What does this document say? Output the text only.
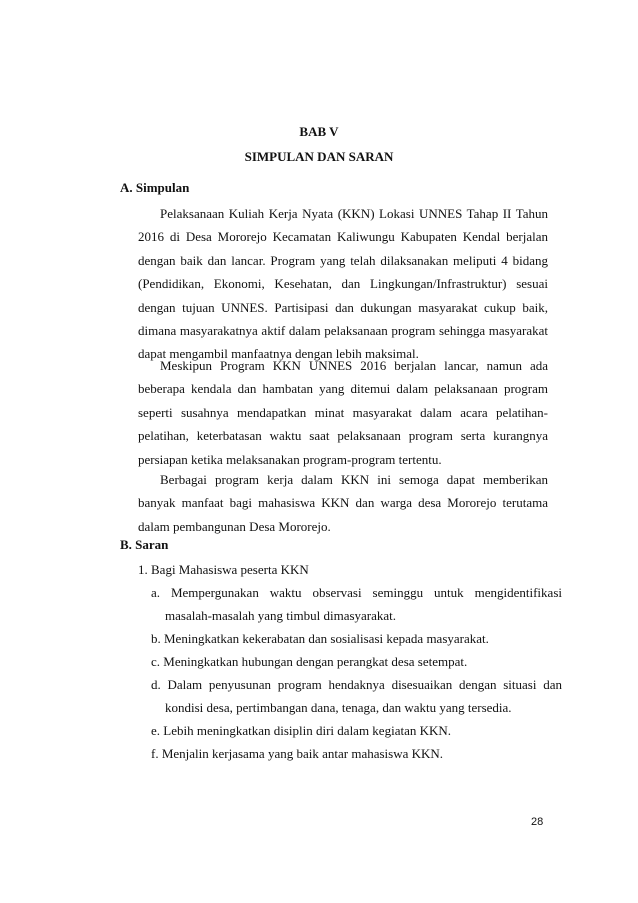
BAB V
SIMPULAN DAN SARAN
A. Simpulan

Pelaksanaan Kuliah Kerja Nyata (KKN) Lokasi UNNES Tahap II Tahun 2016 di Desa Mororejo Kecamatan Kaliwungu Kabupaten Kendal berjalan dengan baik dan lancar. Program yang telah dilaksanakan meliputi 4 bidang (Pendidikan, Ekonomi, Kesehatan, dan Lingkungan/Infrastruktur) sesuai dengan tujuan UNNES. Partisipasi dan dukungan masyarakat cukup baik, dimana masyarakatnya aktif dalam pelaksanaan program sehingga masyarakat dapat mengambil manfaatnya dengan lebih maksimal.

Meskipun Program KKN UNNES 2016 berjalan lancar, namun ada beberapa kendala dan hambatan yang ditemui dalam pelaksanaan program seperti susahnya mendapatkan minat masyarakat dalam acara pelatihan-pelatihan, keterbatasan waktu saat pelaksanaan program serta kurangnya persiapan ketika melaksanakan program-program tertentu.

Berbagai program kerja dalam KKN ini semoga dapat memberikan banyak manfaat bagi mahasiswa KKN dan warga desa Mororejo terutama dalam pembangunan Desa Mororejo.

B. Saran

1. Bagi Mahasiswa peserta KKN

a. Mempergunakan waktu observasi seminggu untuk mengidentifikasi masalah-masalah yang timbul dimasyarakat.

b. Meningkatkan kekerabatan dan sosialisasi kepada masyarakat.

c. Meningkatkan hubungan dengan perangkat desa setempat.

d. Dalam penyusunan program hendaknya disesuaikan dengan situasi dan kondisi desa, pertimbangan dana, tenaga, dan waktu yang tersedia.

e. Lebih meningkatkan disiplin diri dalam kegiatan KKN.

f. Menjalin kerjasama yang baik antar mahasiswa KKN.

28
